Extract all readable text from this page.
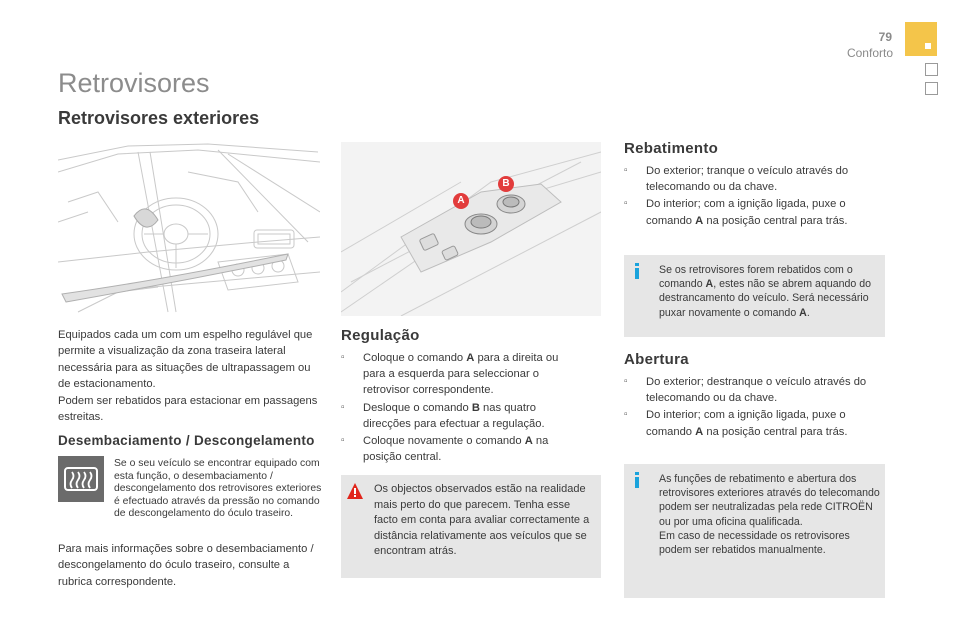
79
Conforto
Retrovisores
Retrovisores exteriores
Equipados cada um com um espelho regulável que permite a visualização da zona traseira lateral necessária para as situações de ultrapassagem ou de estacionamento.
Podem ser rebatidos para estacionar em passagens estreitas.
Desembaciamento / Descongelamento
Se o seu veículo se encontrar equipado com esta função, o desembaciamento / descongelamento dos retrovisores exteriores é efectuado através da pressão no comando de descongelamento do óculo traseiro.
Para mais informações sobre o desembaciamento / descongelamento do óculo traseiro, consulte a rubrica correspondente.
A
B
Regulação
▫ Coloque o comando A para a direita ou para a esquerda para seleccionar o retrovisor correspondente.
▫ Desloque o comando B nas quatro direcções para efectuar a regulação.
▫ Coloque novamente o comando A na posição central.
Os objectos observados estão na realidade mais perto do que parecem. Tenha esse facto em conta para avaliar correctamente a distância relativamente aos veículos que se encontram atrás.
Rebatimento
▫ Do exterior; tranque o veículo através do telecomando ou da chave.
▫ Do interior; com a ignição ligada, puxe o comando A na posição central para trás.
Se os retrovisores forem rebatidos com o comando A, estes não se abrem aquando do destrancamento do veículo. Será necessário puxar novamente o comando A.
Abertura
▫ Do exterior; destranque o veículo através do telecomando ou da chave.
▫ Do interior; com a ignição ligada, puxe o comando A na posição central para trás.
As funções de rebatimento e abertura dos retrovisores exteriores através do telecomando podem ser neutralizadas pela rede CITROËN ou por uma oficina qualificada.
Em caso de necessidade os retrovisores podem ser rebatidos manualmente.
